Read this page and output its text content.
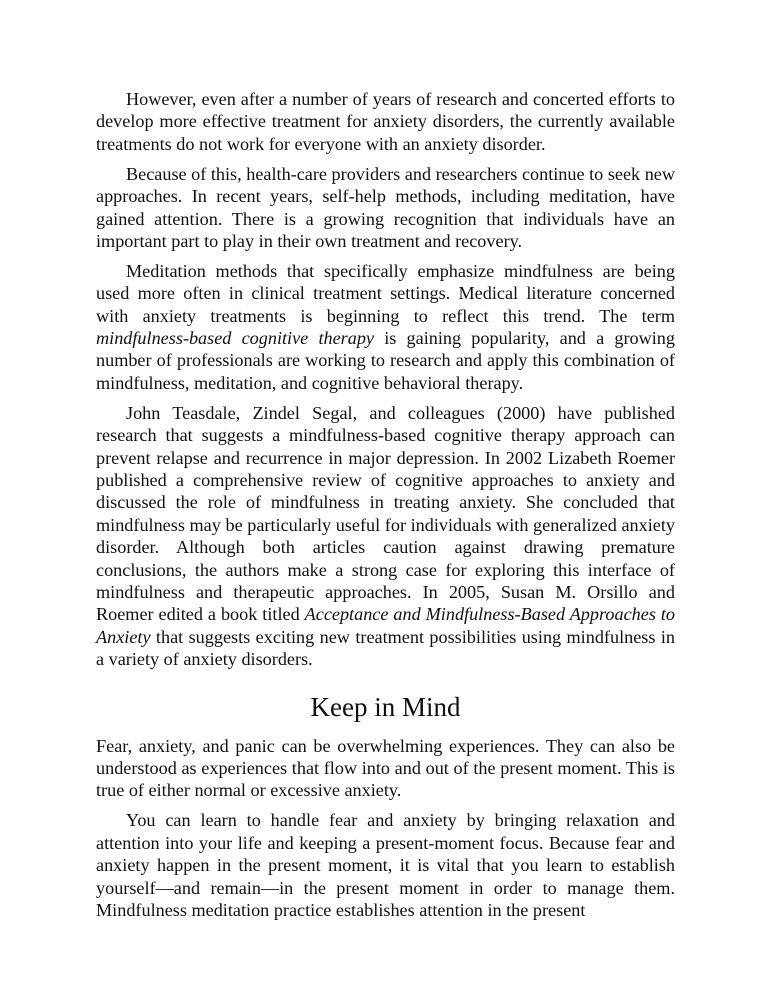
However, even after a number of years of research and concerted efforts to develop more effective treatment for anxiety disorders, the currently available treatments do not work for everyone with an anxiety disorder.

Because of this, health-care providers and researchers continue to seek new approaches. In recent years, self-help methods, including meditation, have gained attention. There is a growing recognition that individuals have an important part to play in their own treatment and recovery.

Meditation methods that specifically emphasize mindfulness are being used more often in clinical treatment settings. Medical literature concerned with anxiety treatments is beginning to reflect this trend. The term mindfulness-based cognitive therapy is gaining popularity, and a growing number of professionals are working to research and apply this combination of mindfulness, meditation, and cognitive behavioral therapy.

John Teasdale, Zindel Segal, and colleagues (2000) have published research that suggests a mindfulness-based cognitive therapy approach can prevent relapse and recurrence in major depression. In 2002 Lizabeth Roemer published a comprehensive review of cognitive approaches to anxiety and discussed the role of mindfulness in treating anxiety. She concluded that mindfulness may be particularly useful for individuals with generalized anxiety disorder. Although both articles caution against drawing premature conclusions, the authors make a strong case for exploring this interface of mindfulness and therapeutic approaches. In 2005, Susan M. Orsillo and Roemer edited a book titled Acceptance and Mindfulness-Based Approaches to Anxiety that suggests exciting new treatment possibilities using mindfulness in a variety of anxiety disorders.

Keep in Mind

Fear, anxiety, and panic can be overwhelming experiences. They can also be understood as experiences that flow into and out of the present moment. This is true of either normal or excessive anxiety.

You can learn to handle fear and anxiety by bringing relaxation and attention into your life and keeping a present-moment focus. Because fear and anxiety happen in the present moment, it is vital that you learn to establish yourself—and remain—in the present moment in order to manage them. Mindfulness meditation practice establishes attention in the present
